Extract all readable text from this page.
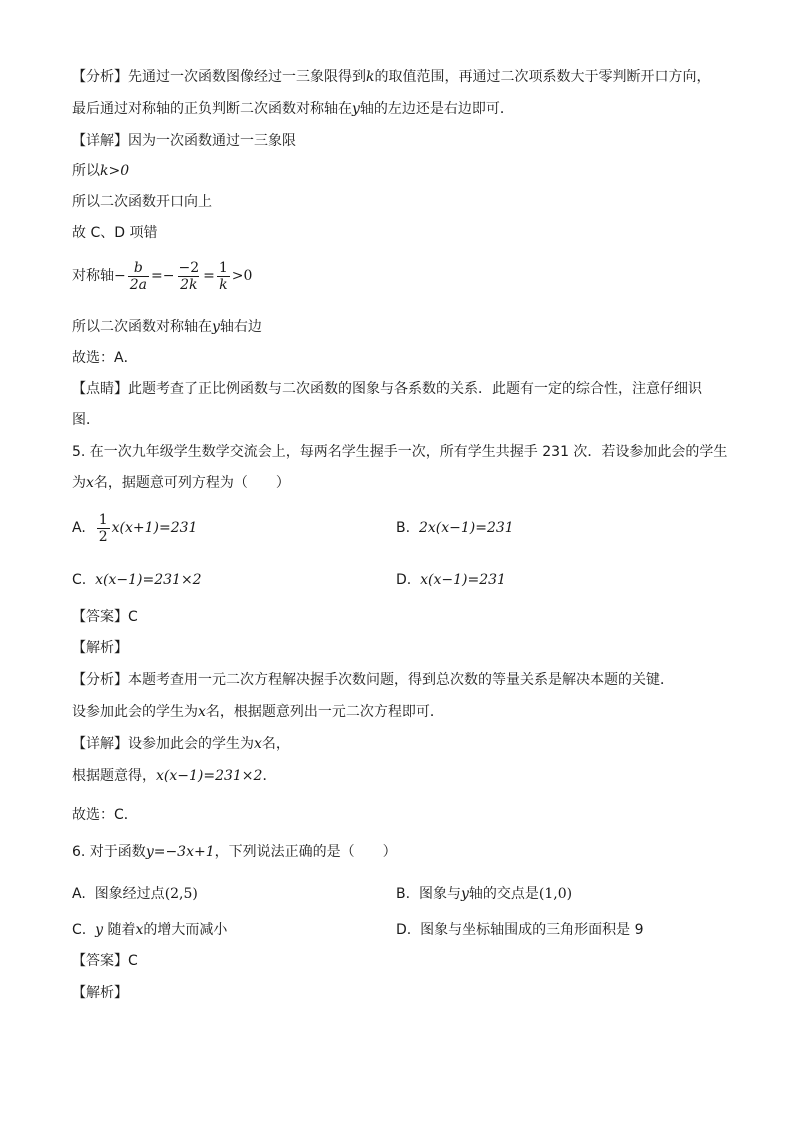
【分析】先通过一次函数图像经过一三象限得到k的取值范围，再通过二次项系数大于零判断开口方向，
最后通过对称轴的正负判断二次函数对称轴在y轴的左边还是右边即可．
【详解】因为一次函数通过一三象限
所以k>0
所以二次函数开口向上
故 C、D 项错
对称轴− $\frac{b}{2a} =- \frac{-2}{2k} = \frac{1}{k} >0$
所以二次函数对称轴在y轴右边
故选：A．
【点睛】此题考查了正比例函数与二次函数的图象与各系数的关系．此题有一定的综合性，注意仔细识
图．
5. 在一次九年级学生数学交流会上，每两名学生握手一次，所有学生共握手 231 次．若设参加此会的学生
为x名，据题意可列方程为（　　）
A. $\frac{1}{2} x(x+1)=231$	B. 2x(x−1)=231
C. x(x−1)=231×2	D. x(x−1)=231
【答案】C
【解析】
【分析】本题考查用一元二次方程解决握手次数问题，得到总次数的等量关系是解决本题的关键．
设参加此会的学生为x名，根据题意列出一元二次方程即可．
【详解】设参加此会的学生为x名，
根据题意得，x(x−1)=231×2．
故选：C．
6. 对于函数y=−3x+1，下列说法正确的是（　　）
A. 图象经过点(2,5)	B. 图象与y轴的交点是(1,0)
C. y 随着x的增大而减小	D. 图象与坐标轴围成的三角形面积是 9
【答案】C
【解析】
